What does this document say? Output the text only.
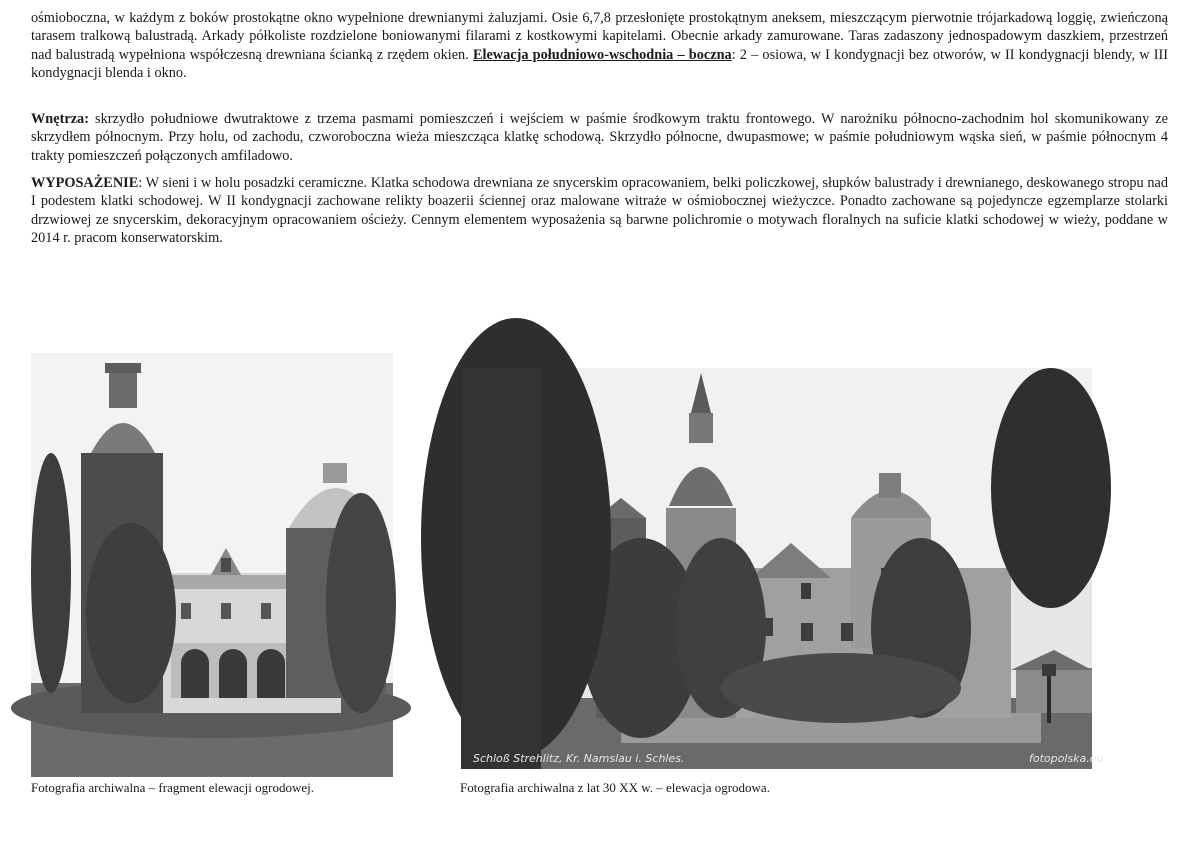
ośmioboczna, w każdym z boków prostokątne okno wypełnione drewnianymi żaluzjami. Osie 6,7,8 przesłonięte prostokątnym aneksem, mieszczącym pierwotnie trójarkadową loggię, zwieńczoną tarasem tralkową balustradą. Arkady półkoliste rozdzielone boniowanymi filarami z kostkowymi kapitelami. Obecnie arkady zamurowane. Taras zadaszony jednospadowym daszkiem, przestrzeń nad balustradą wypełniona współczesną drewniana ścianką z rzędem okien. Elewacja południowo-wschodnia – boczna: 2 – osiowa, w I kondygnacji bez otworów, w II kondygnacji blendy, w III kondygnacji blenda i okno.
Wnętrza: skrzydło południowe dwutraktowe z trzema pasmami pomieszczeń i wejściem w paśmie środkowym traktu frontowego. W narożniku północno-zachodnim hol skomunikowany ze skrzydłem północnym. Przy holu, od zachodu, czworoboczna wieża mieszcząca klatkę schodową. Skrzydło północne, dwupasmowe; w paśmie południowym wąska sień, w paśmie północnym 4 trakty pomieszczeń połączonych amfiladowo.
WYPOSAŻENIE: W sieni i w holu posadzki ceramiczne. Klatka schodowa drewniana ze snycerskim opracowaniem, belki policzkowej, słupków balustrady i drewnianego, deskowanego stropu nad I podestem klatki schodowej. W II kondygnacji zachowane relikty boazerii ściennej oraz malowane witraże w ośmiobocznej wieżyczce. Ponadto zachowane są pojedyncze egzemplarze stolarki drzwiowej ze snycerskim, dekoracyjnym opracowaniem ościeży. Cennym elementem wyposażenia są barwne polichromie o motywach floralnych na suficie klatki schodowej w wieży, poddane w 2014 r. pracom konserwatorskim.
Schloß Strehlitz, Kr. Namslau i. Schles.	fotopolska.eu
Fotografia archiwalna – fragment elewacji ogrodowej.	Fotografia archiwalna z lat 30 XX w. – elewacja ogrodowa.
